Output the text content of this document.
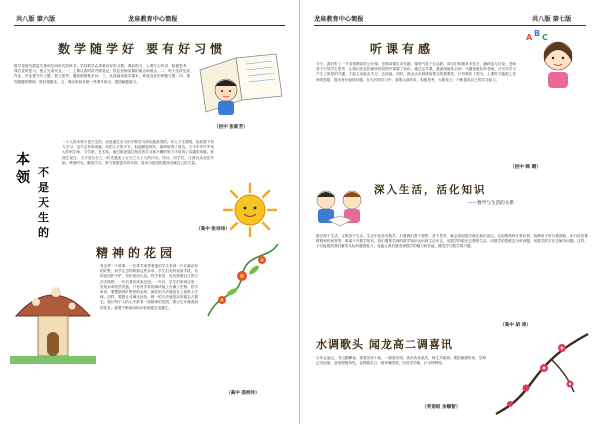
共八版 第六版	龙泉教育中心简报
数学随学好 要有好习惯
数学是研究数量关系和空间形式的科学。学好数学必须要有好的习惯，课前预习、上课专心听讲、积极思考，课后及时复习，独立完成作业。一、上课认真听讲并做笔记，抓住老师讲课的重点和难点。二、每天坚持完成作业，作业要书写工整，独立思考，遇到困难要多问。三、认真阅读数学课本，养成良好的审题习惯。四、重视错题的整理，做好错题本。五、课余时间多做一些课外练习，提高解题能力。
（初中 张新芳）
本
领 不
是
天
生
的
一个人的本领不是天生的，而是通过后天的不断学习和实践获得的。有人天生聪明，但如果不努力学习，也不会有所成就；有的人天资平平，但他勤奋刻苦，最终取得了成功。古今中外许多伟大的科学家、文学家、艺术家，他们都是通过刻苦的学习和不懈的努力才取得了卓越的成就。爱迪生说过：天才是百分之一的灵感加上百分之九十九的汗水。所以，同学们，让我们从现在开始，珍惜时光，勤奋学习，努力掌握更多的本领，将来为祖国的建设贡献自己的力量。
（高中 张诗诗）
精神的花园
有这样一个故事：一位哲学家带着他的学生来到一片长满杂草的旷野，问学生怎样除掉这些杂草。学生们有的说用手拔，有的说用铲子铲，有的说用火烧。哲学家说：你们按照自己的方法去做吧，一年后我们再来这里。一年后，学生们来到这里，发现杂草依然茂盛，只有哲学家的那块地上长满了庄稼。哲学家说：要想除掉旷野里的杂草，最好的方法就是在上面种上庄稼。同样，要想让灵魂无纷扰，唯一的方法就是用美德去占据它。我们每个人的心中都有一座精神的花园，要让它开满美丽的花朵，就要不断地用知识和美德去浇灌它。
（高中 邵梓玲）
龙泉教育中心简报	共八版 第七版
听课有感
A B C
今天，我们听了一节非常精彩的公开课。老师讲课生动有趣，课堂气氛十分活跃，同学们积极举手发言，踊跃参与讨论。老师善于引导学生思考，让我们在轻松愉快的氛围中掌握了知识。通过这节课，我深深地体会到：兴趣是最好的老师。只有对学习产生了浓厚的兴趣，才能主动地去学习，去探索。同时，我也认识到课前预习的重要性，只有做好了预习，上课时才能跟上老师的思路，提出有价值的问题。在今后的学习中，我要认真听讲，积极思考，大胆发言，不断提高自己的学习能力。
（初中 韩 晴）
深入生活，活化知识
——数学与生活的关系
数学源于生活，又服务于生活。生活中处处有数学，只要我们善于观察，善于思考，就会发现数学就在我们身边。比如购物时计算价钱，装修房子时计算面积，出行时估算路程和时间等等，都离不开数学知识。我们要把学到的数学知识运用到生活中去，用数学的眼光去观察生活，用数学的思维去分析问题，用数学的方法去解决问题。这样，不仅能提高我们解决实际问题的能力，也能让我们感受到数学的魅力和价值，激发学习数学的兴趣。
（高中 胡 涛）
水调歌头 闻龙高二调喜讯
少年志凌云，书山勤攀登。寒窗苦读十载，一朝展宏图。喜讯传来欢庆，师生共欢颜。捷报频频传来，学海泛舟远航，奋发图强争先。金榜题名日，桃李满园香。回首求学路，汗水铸辉煌。
（英语组 余顺智）
